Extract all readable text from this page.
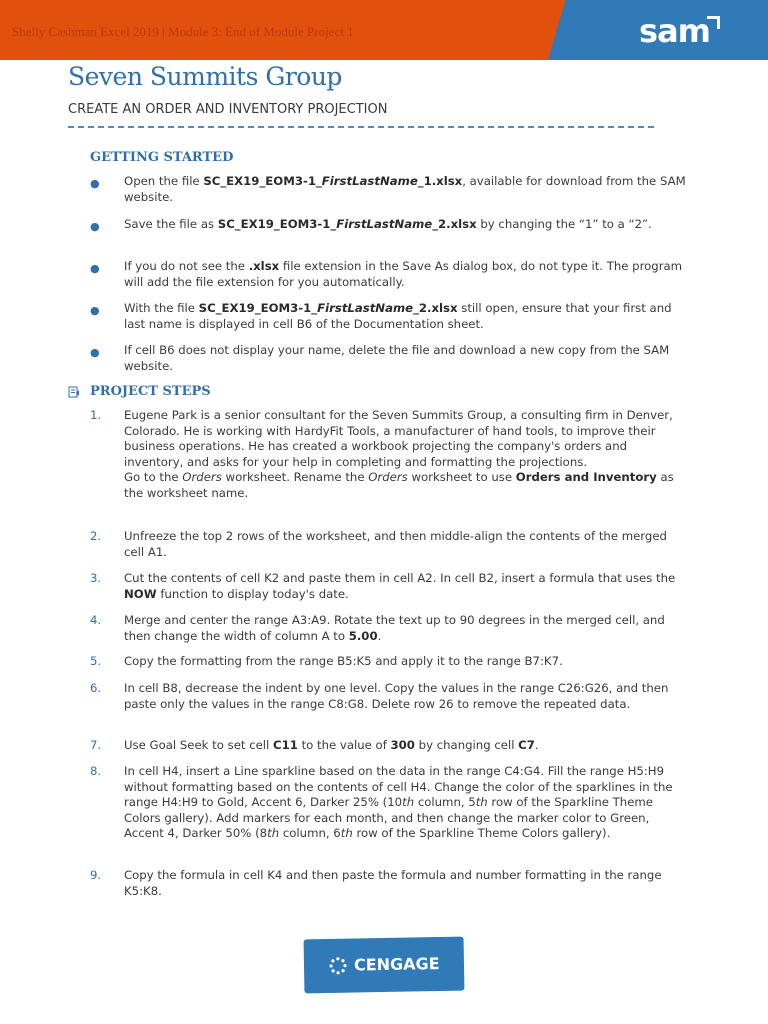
Shelly Cashman Excel 2019 | Module 3: End of Module Project 1	sam
Seven Summits Group
CREATE AN ORDER AND INVENTORY PROJECTION
GETTING STARTED
● Open the file SC_EX19_EOM3-1_FirstLastName_1.xlsx, available for download from the SAM website.
● Save the file as SC_EX19_EOM3-1_FirstLastName_2.xlsx by changing the “1” to a “2”.
● If you do not see the .xlsx file extension in the Save As dialog box, do not type it. The program will add the file extension for you automatically.
● With the file SC_EX19_EOM3-1_FirstLastName_2.xlsx still open, ensure that your first and last name is displayed in cell B6 of the Documentation sheet.
● If cell B6 does not display your name, delete the file and download a new copy from the SAM website.
PROJECT STEPS
1. Eugene Park is a senior consultant for the Seven Summits Group, a consulting firm in Denver, Colorado. He is working with HardyFit Tools, a manufacturer of hand tools, to improve their business operations. He has created a workbook projecting the company's orders and inventory, and asks for your help in completing and formatting the projections.
Go to the Orders worksheet. Rename the Orders worksheet to use Orders and Inventory as the worksheet name.
2. Unfreeze the top 2 rows of the worksheet, and then middle-align the contents of the merged cell A1.
3. Cut the contents of cell K2 and paste them in cell A2. In cell B2, insert a formula that uses the NOW function to display today's date.
4. Merge and center the range A3:A9. Rotate the text up to 90 degrees in the merged cell, and then change the width of column A to 5.00.
5. Copy the formatting from the range B5:K5 and apply it to the range B7:K7.
6. In cell B8, decrease the indent by one level. Copy the values in the range C26:G26, and then paste only the values in the range C8:G8. Delete row 26 to remove the repeated data.
7. Use Goal Seek to set cell C11 to the value of 300 by changing cell C7.
8. In cell H4, insert a Line sparkline based on the data in the range C4:G4. Fill the range H5:H9 without formatting based on the contents of cell H4. Change the color of the sparklines in the range H4:H9 to Gold, Accent 6, Darker 25% (10th column, 5th row of the Sparkline Theme Colors gallery). Add markers for each month, and then change the marker color to Green, Accent 4, Darker 50% (8th column, 6th row of the Sparkline Theme Colors gallery).
9. Copy the formula in cell K4 and then paste the formula and number formatting in the range K5:K8.
CENGAGE
